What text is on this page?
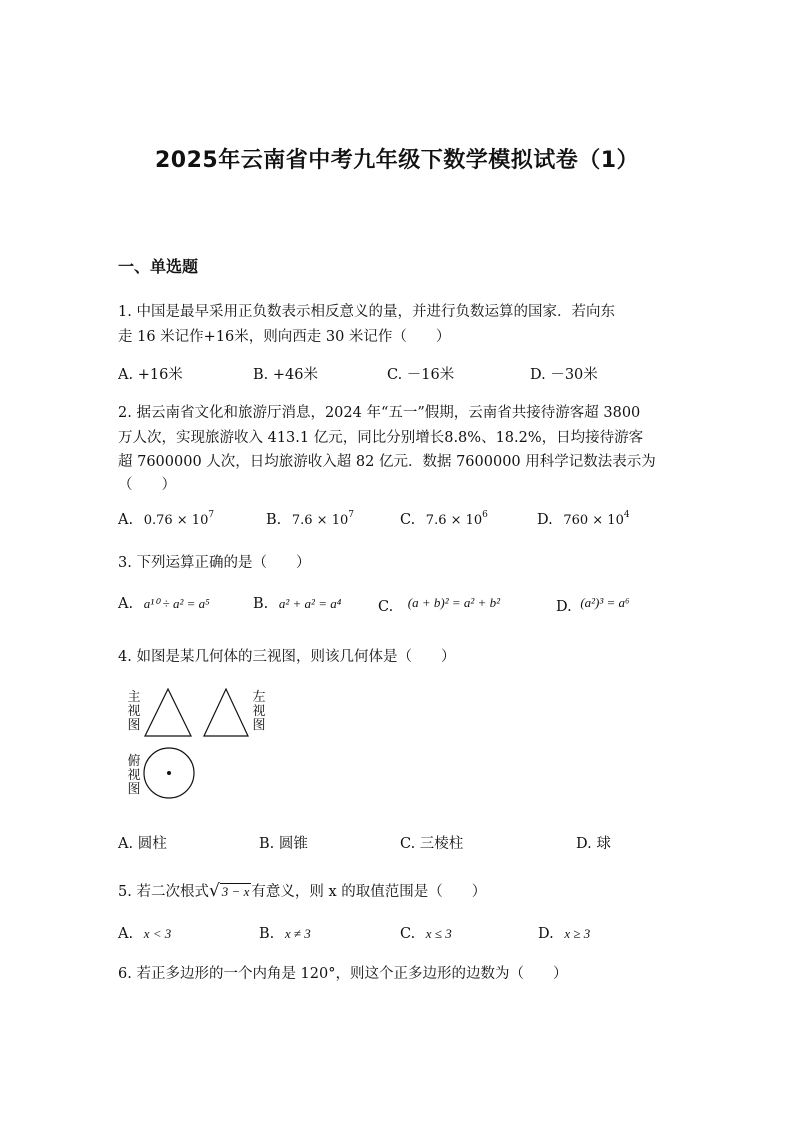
2025年云南省中考九年级下数学模拟试卷（1）
一、单选题
1. 中国是最早采用正负数表示相反意义的量，并进行负数运算的国家．若向东
走 16 米记作+16米，则向西走 30 米记作（　　）
A. +16米	B. +46米	C. －16米	D. －30米
2. 据云南省文化和旅游厅消息，2024 年“五一”假期，云南省共接待游客超 3800
万人次，实现旅游收入 413.1 亿元，同比分别增长8.8%、18.2%，日均接待游客
超 7600000 人次，日均旅游收入超 82 亿元．数据 7600000 用科学记数法表示为
（　　）
A. $0.76 \times 10^7$	B. $7.6 \times 10^7$	C. $7.6 \times 10^6$	D. $760 \times 10^4$
3. 下列运算正确的是（　　）
A. a¹⁰ ÷ a² = a⁵	B. a² + a² = a⁴	C. (a + b)² = a² + b²	D. (a²)³ = a⁶
4. 如图是某几何体的三视图，则该几何体是（　　）
主视图
左视图
俯视图
A. 圆柱	B. 圆锥	C. 三棱柱	D. 球
5. 若二次根式√ 3 − x 有意义，则 x 的取值范围是（　　）
A. x < 3	B. x ≠ 3	C. x ≤ 3	D. x ≥ 3
6. 若正多边形的一个内角是 120°，则这个正多边形的边数为（　　）
